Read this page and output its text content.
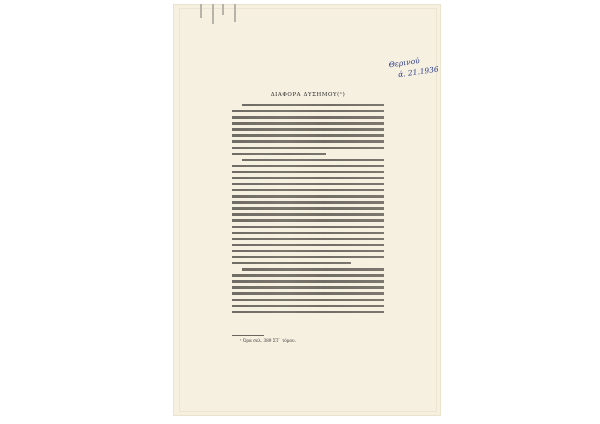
Θερινού
ά. 21.1936
ΔΙΑΦΟΡΑ ΔΥΣΗΜΟΥ(¹)
¹ Όρα σελ. 389 ΣΤ΄ τόμου.
